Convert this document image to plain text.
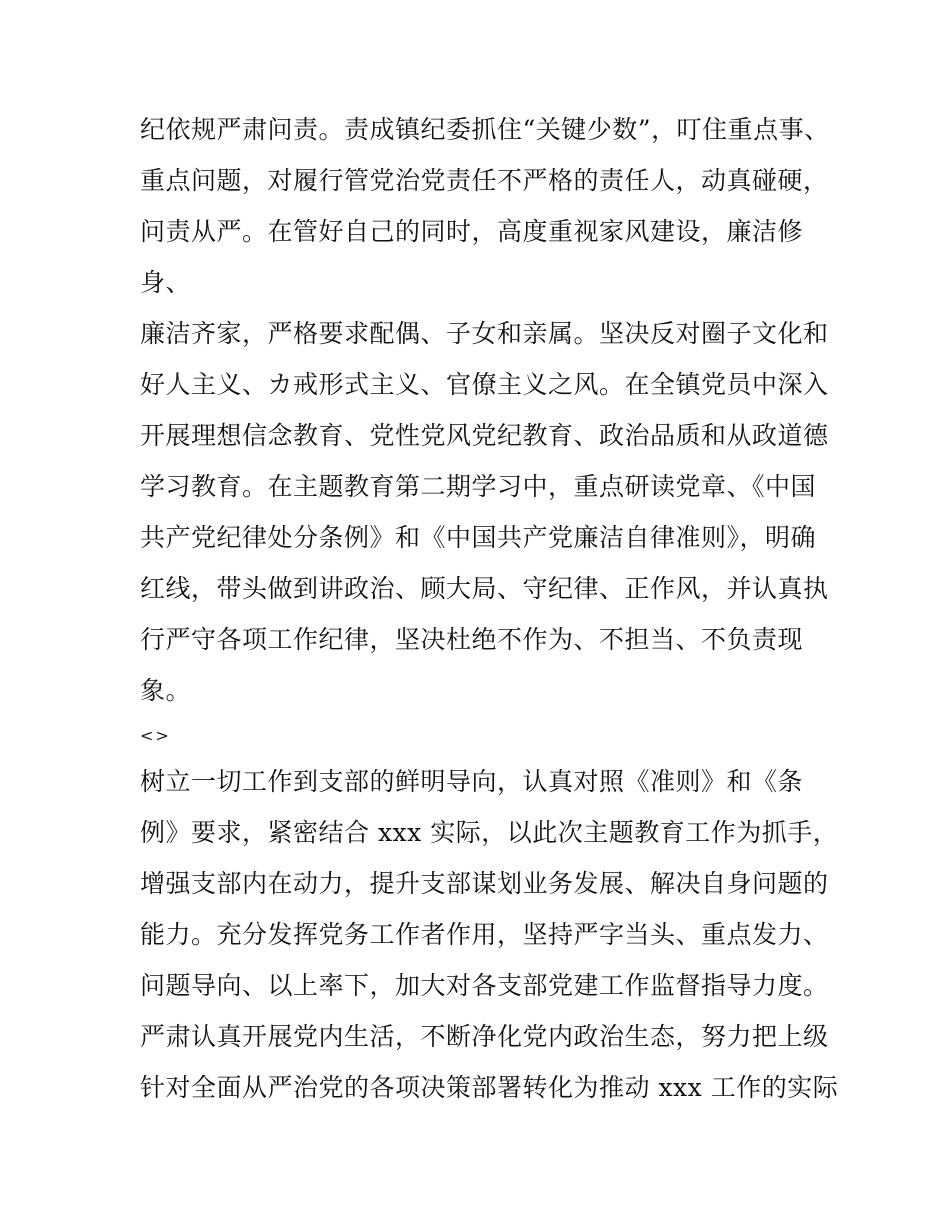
纪依规严肃问责。责成镇纪委抓住“关键少数”，叮住重点事、
重点问题，对履行管党治党责任不严格的责任人，动真碰硬，
问责从严。在管好自己的同时，高度重视家风建设，廉洁修
身、
廉洁齐家，严格要求配偶、子女和亲属。坚决反对圈子文化和
好人主义、カ戒形式主义、官僚主义之风。在全镇党员中深入
开展理想信念教育、党性党风党纪教育、政治品质和从政道德
学习教育。在主题教育第二期学习中，重点研读党章、《中国
共产党纪律处分条例》和《中国共产党廉洁自律准则》，明确
红线，带头做到讲政治、顾大局、守纪律、正作风，并认真执
行严守各项工作纪律，坚决杜绝不作为、不担当、不负责现
象。
<>
树立一切工作到支部的鲜明导向，认真对照《准则》和《条
例》要求，紧密结合 xxx 实际，以此次主题教育工作为抓手，
增强支部内在动力，提升支部谋划业务发展、解决自身问题的
能力。充分发挥党务工作者作用，坚持严字当头、重点发力、
问题导向、以上率下，加大对各支部党建工作监督指导力度。
严肃认真开展党内生活，不断净化党内政治生态，努力把上级
针对全面从严治党的各项决策部署转化为推动 xxx 工作的实际
